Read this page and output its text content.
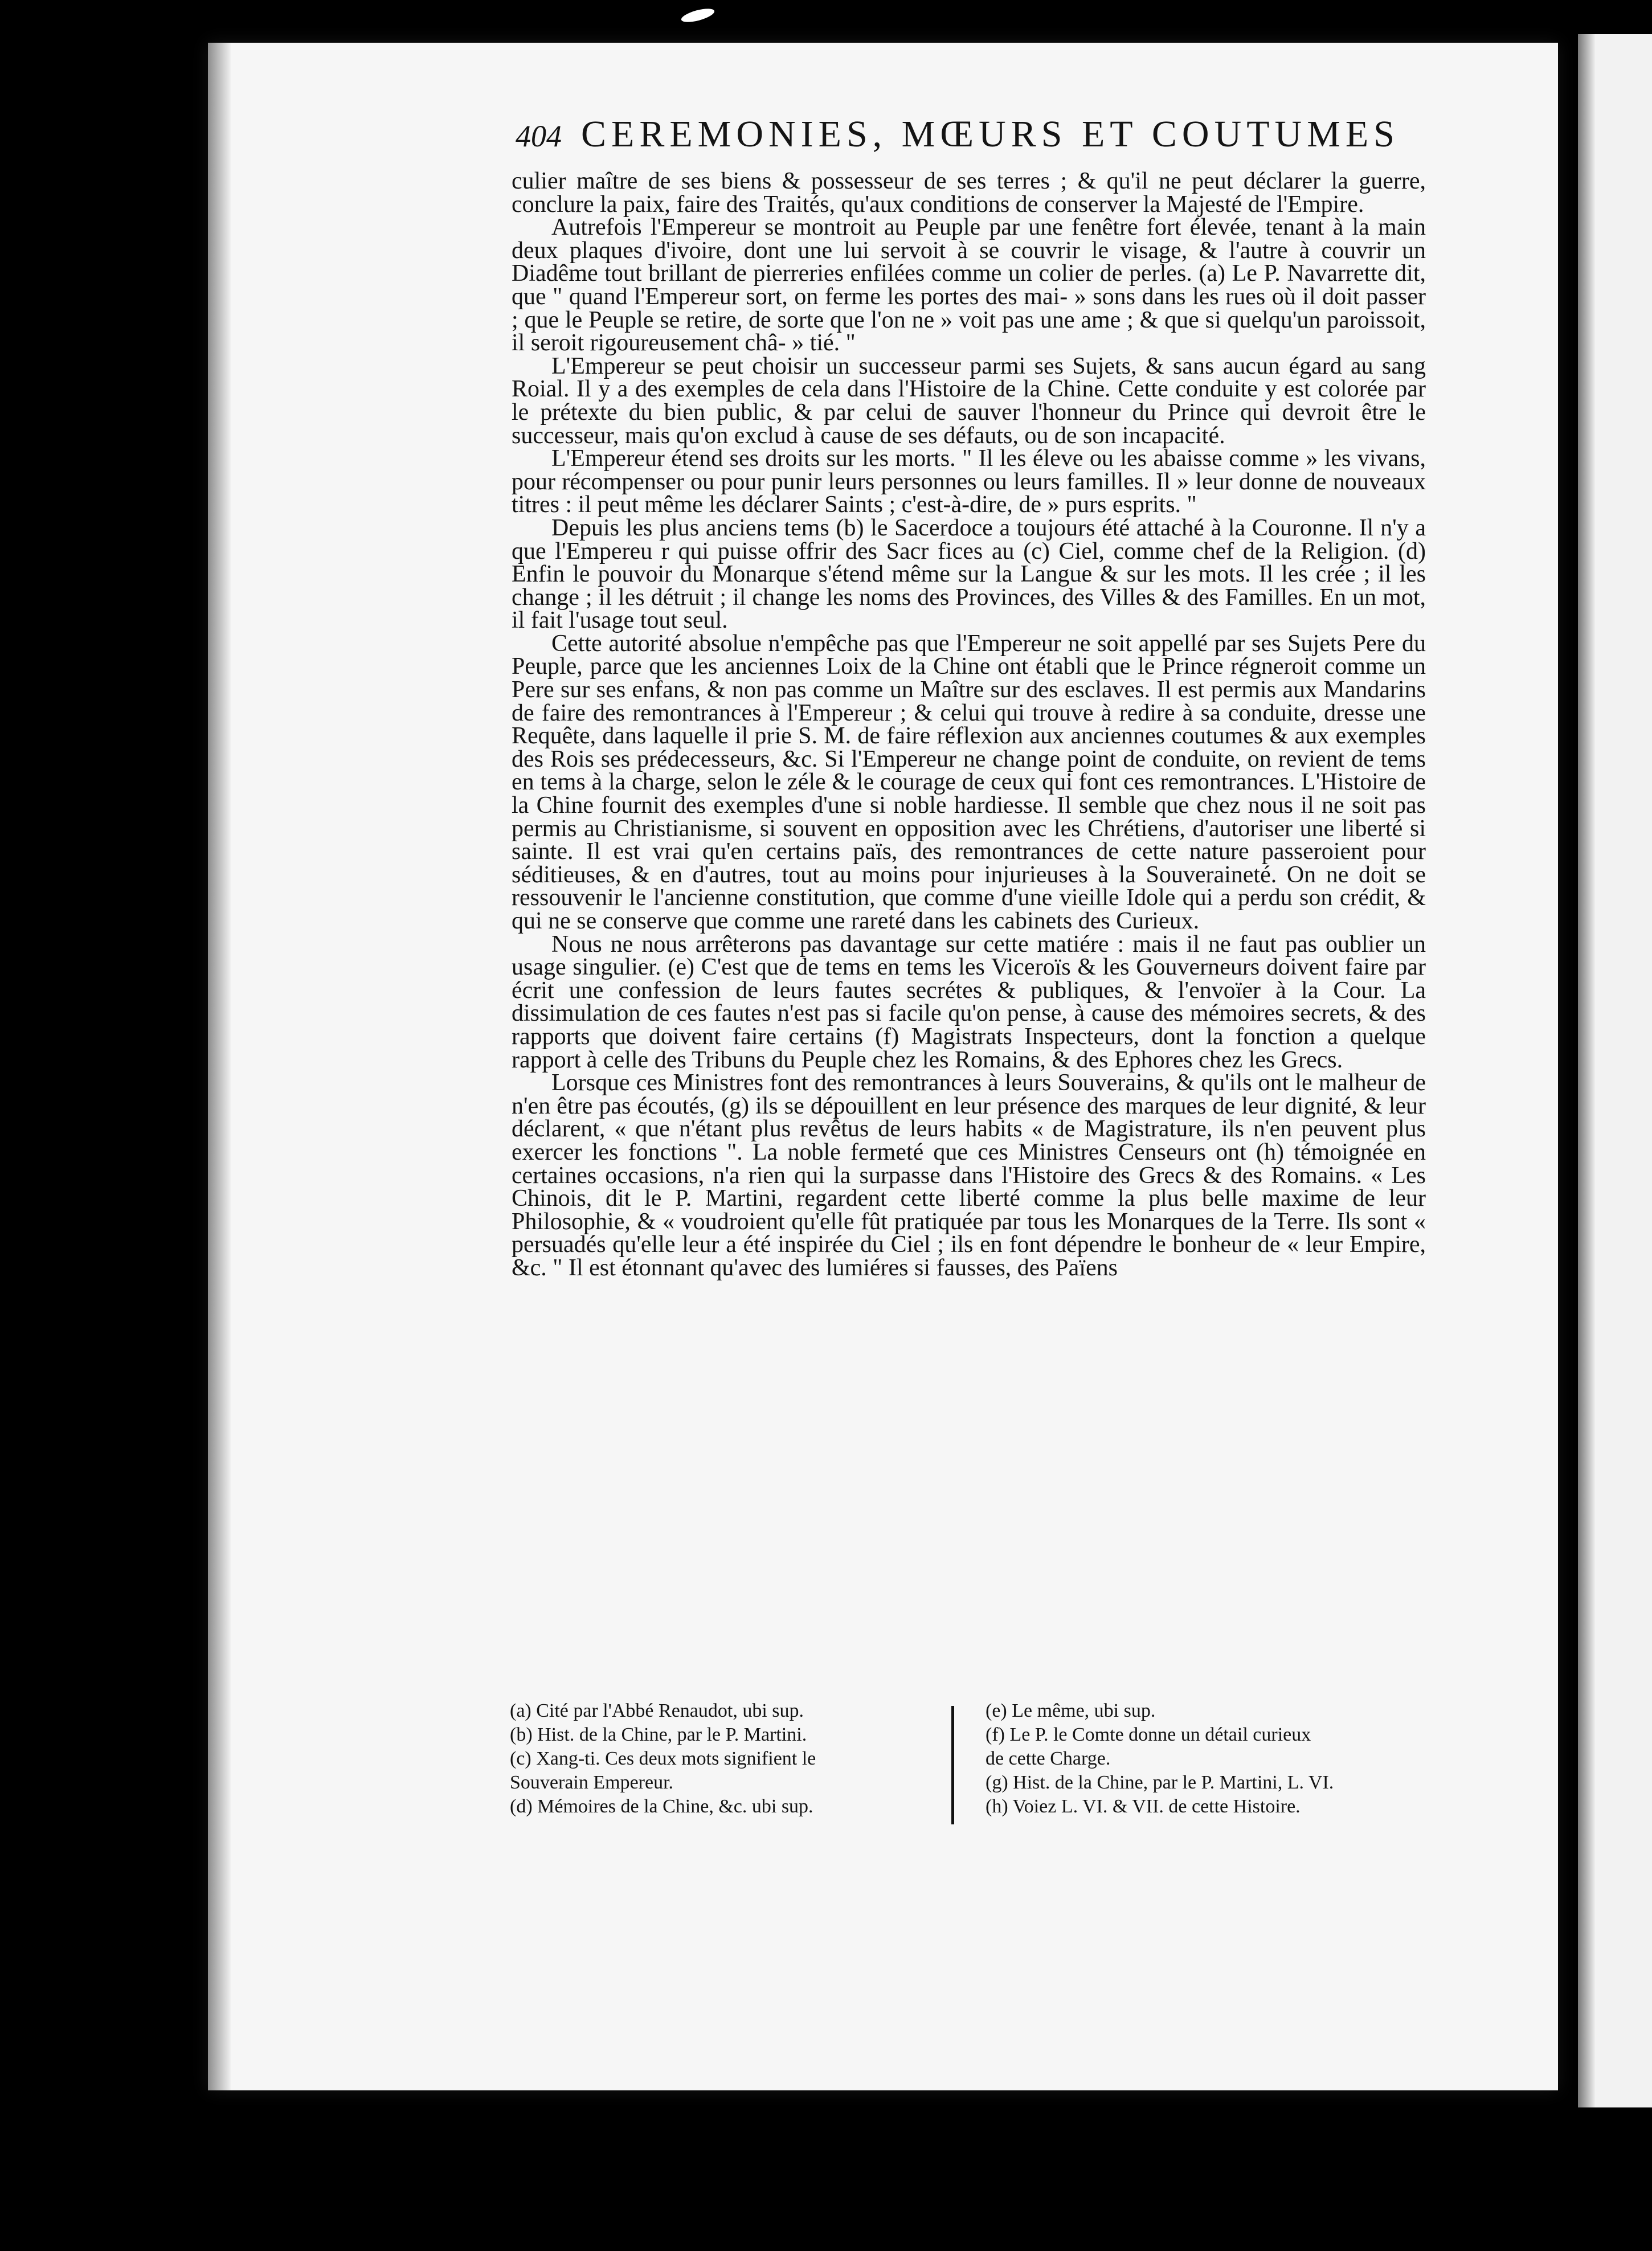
404 CEREMONIES, MŒURS ET COUTUMES

culier maître de ses biens & possesseur de ses terres ; & qu'il ne peut déclarer la guerre, conclure la paix, faire des Traités, qu'aux conditions de conserver la Majesté de l'Empire.

Autrefois l'Empereur se montroit au Peuple par une fenêtre fort élevée, tenant à la main deux plaques d'ivoire, dont une lui servoit à se couvrir le visage, & l'autre à couvrir un Diadême tout brillant de pierreries enfilées comme un colier de perles. (a) Le P. Navarrette dit, que " quand l'Empereur sort, on ferme les portes des mai- » sons dans les rues où il doit passer ; que le Peuple se retire, de sorte que l'on ne » voit pas une ame ; & que si quelqu'un paroissoit, il seroit rigoureusement châ- » tié. "

L'Empereur se peut choisir un successeur parmi ses Sujets, & sans aucun égard au sang Roial. Il y a des exemples de cela dans l'Histoire de la Chine. Cette conduite y est colorée par le prétexte du bien public, & par celui de sauver l'honneur du Prince qui devroit être le successeur, mais qu'on exclud à cause de ses défauts, ou de son incapacité.

L'Empereur étend ses droits sur les morts. " Il les éleve ou les abaisse comme » les vivans, pour récompenser ou pour punir leurs personnes ou leurs familles. Il » leur donne de nouveaux titres : il peut même les déclarer Saints ; c'est-à-dire, de » purs esprits. "

Depuis les plus anciens tems (b) le Sacerdoce a toujours été attaché à la Couronne. Il n'y a que l'Empereu r qui puisse offrir des Sacr fices au (c) Ciel, comme chef de la Religion. (d) Enfin le pouvoir du Monarque s'étend même sur la Langue & sur les mots. Il les crée ; il les change ; il les détruit ; il change les noms des Provinces, des Villes & des Familles. En un mot, il fait l'usage tout seul.

Cette autorité absolue n'empêche pas que l'Empereur ne soit appellé par ses Sujets Pere du Peuple, parce que les anciennes Loix de la Chine ont établi que le Prince régneroit comme un Pere sur ses enfans, & non pas comme un Maître sur des esclaves. Il est permis aux Mandarins de faire des remontrances à l'Empereur ; & celui qui trouve à redire à sa conduite, dresse une Requête, dans laquelle il prie S. M. de faire réflexion aux anciennes coutumes & aux exemples des Rois ses prédecesseurs, &c. Si l'Empereur ne change point de conduite, on revient de tems en tems à la charge, selon le zéle & le courage de ceux qui font ces remontrances. L'Histoire de la Chine fournit des exemples d'une si noble hardiesse. Il semble que chez nous il ne soit pas permis au Christianisme, si souvent en opposition avec les Chrétiens, d'autoriser une liberté si sainte. Il est vrai qu'en certains païs, des remontrances de cette nature passeroient pour séditieuses, & en d'autres, tout au moins pour injurieuses à la Souveraineté. On ne doit se ressouvenir le l'ancienne constitution, que comme d'une vieille Idole qui a perdu son crédit, & qui ne se conserve que comme une rareté dans les cabinets des Curieux.

Nous ne nous arrêterons pas davantage sur cette matiére : mais il ne faut pas oublier un usage singulier. (e) C'est que de tems en tems les Viceroïs & les Gouverneurs doivent faire par écrit une confession de leurs fautes secrétes & publiques, & l'envoïer à la Cour. La dissimulation de ces fautes n'est pas si facile qu'on pense, à cause des mémoires secrets, & des rapports que doivent faire certains (f) Magistrats Inspecteurs, dont la fonction a quelque rapport à celle des Tribuns du Peuple chez les Romains, & des Ephores chez les Grecs.

Lorsque ces Ministres font des remontrances à leurs Souverains, & qu'ils ont le malheur de n'en être pas écoutés, (g) ils se dépouillent en leur présence des marques de leur dignité, & leur déclarent, « que n'étant plus revêtus de leurs habits « de Magistrature, ils n'en peuvent plus exercer les fonctions ". La noble fermeté que ces Ministres Censeurs ont (h) témoignée en certaines occasions, n'a rien qui la surpasse dans l'Histoire des Grecs & des Romains. « Les Chinois, dit le P. Martini, regardent cette liberté comme la plus belle maxime de leur Philosophie, & « voudroient qu'elle fût pratiquée par tous les Monarques de la Terre. Ils sont « persuadés qu'elle leur a été inspirée du Ciel ; ils en font dépendre le bonheur de « leur Empire, &c. " Il est étonnant qu'avec des lumiéres si fausses, des Païens

(a) Cité par l'Abbé Renaudot, ubi sup.

(b) Hist. de la Chine, par le P. Martini.

(c) Xang-ti. Ces deux mots signifient le

Souverain Empereur.

(d) Mémoires de la Chine, &c. ubi sup.

(e) Le même, ubi sup.

(f) Le P. le Comte donne un détail curieux

de cette Charge.

(g) Hist. de la Chine, par le P. Martini, L. VI.

(h) Voiez L. VI. & VII. de cette Histoire.
